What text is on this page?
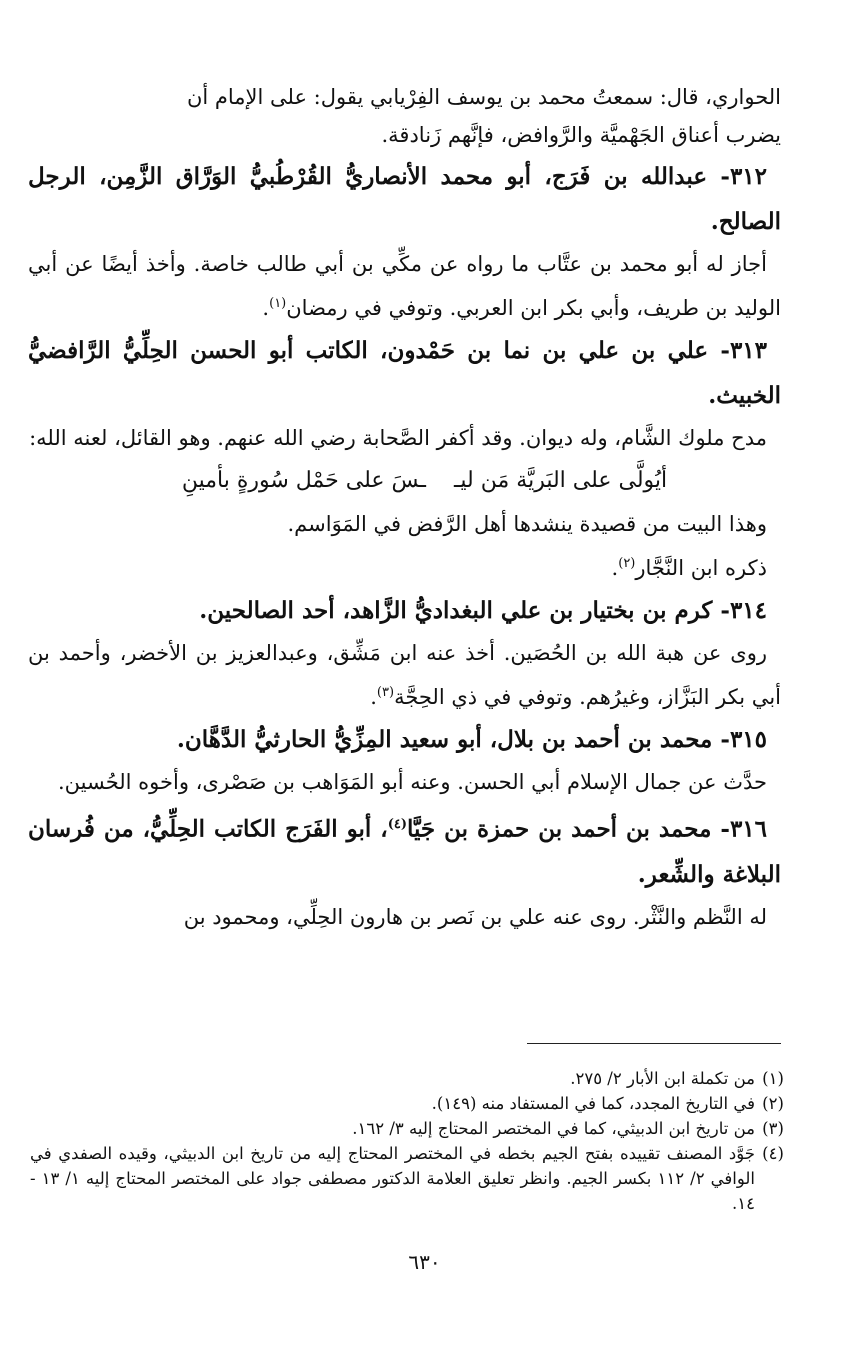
الحواري، قال: سمعتُ محمد بن يوسف الفِرْيابي يقول: على الإمام أن
يضرب أعناق الجَهْميَّة والرَّوافض، فإنَّهم زَنادقة.

٣١٢- عبدالله بن فَرَج، أبو محمد الأنصاريُّ القُرْطُبيُّ الوَرَّاق الزَّمِن، الرجل الصالح.

أجاز له أبو محمد بن عتَّاب ما رواه عن مكِّي بن أبي طالب خاصة. وأخذ أيضًا عن أبي الوليد بن طريف، وأبي بكر ابن العربي. وتوفي في رمضان$^{(١)}$.

٣١٣- علي بن علي بن نما بن حَمْدون، الكاتب أبو الحسن الحِلِّيُّ الرَّافضيُّ الخبيث.

مدح ملوك الشَّام، وله ديوان. وقد أكفر الصَّحابة رضي الله عنهم. وهو القائل، لعنه الله:

أيُولَّى على البَريَّة مَن ليــسَ على حَمْل سُورةٍ بأمينِ

وهذا البيت من قصيدة ينشدها أهل الرَّفض في المَوَاسم.

ذكره ابن النَّجَّار$^{(٢)}$.

٣١٤- كرم بن بختيار بن علي البغداديُّ الزَّاهد، أحد الصالحين.

روى عن هبة الله بن الحُصَين. أخذ عنه ابن مَشِّق، وعبدالعزيز بن الأخضر، وأحمد بن أبي بكر البَزَّاز، وغيرُهم. وتوفي في ذي الحِجَّة$^{(٣)}$.

٣١٥- محمد بن أحمد بن بلال، أبو سعيد المِزِّيُّ الحارثيُّ الدَّهَّان.

حدَّث عن جمال الإسلام أبي الحسن. وعنه أبو المَوَاهب بن صَصْرى، وأخوه الحُسين.

٣١٦- محمد بن أحمد بن حمزة بن جَيَّا$^{(٤)}$، أبو الفَرَج الكاتب الحِلِّيُّ، من فُرسان البلاغة والشِّعر.

له النَّظم والنَّثْر. روى عنه علي بن نَصر بن هارون الحِلِّي، ومحمود بن

(١)
من تكملة ابن الأبار ٢/ ٢٧٥.
(٢)
في التاريخ المجدد، كما في المستفاد منه (١٤٩).
(٣)
من تاريخ ابن الدبيثي، كما في المختصر المحتاج إليه ٣/ ١٦٢.
(٤)
جَوَّد المصنف تقييده بفتح الجيم بخطه في المختصر المحتاج إليه من تاريخ ابن الدبيثي، وقيده الصفدي في الوافي ٢/ ١١٢ بكسر الجيم. وانظر تعليق العلامة الدكتور مصطفى جواد على المختصر المحتاج إليه ١/ ١٣ - ١٤.
٦٣٠
